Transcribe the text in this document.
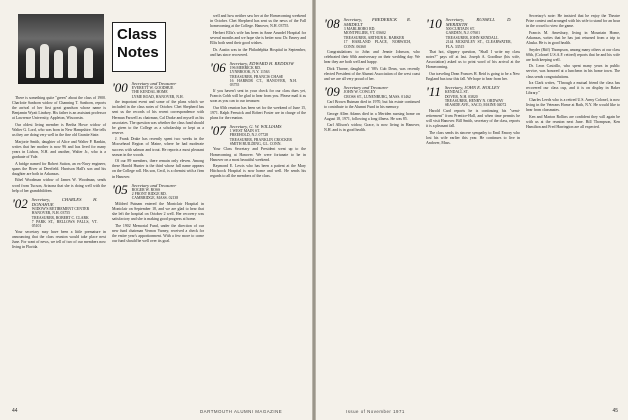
Class
Notes

There is something quite "green" about the class of 1900. Charlotte Sanborn widow of Channing T. Sanborn, reports the arrival of her first great grandson whose name is Benjamin Wyatt Lindsey. His father is an assistant professor at Lawrence University, Appleton, Wisconsin.

Our oldest living member is Bertha Howe widow of Walter G. Lord, who was born in New Hampshire. She tells us they are doing very well in the fine old Granite State.

Marjorie Smith, daughter of Alice and Walter P. Rankin, writes that her mother is now 96 and has lived for many years in Lisbon, N.H. and another, Walter Jr., who is a graduate of Yale.

A bridge named for Robert Sutton, an ex-Navy engineer, spans the River at Deerfield. Harrison Hall's son and his daughter are both in Arkansas.

Ethel Woodman widow of James W. Woodman, sends word from Tucson, Arizona that she is doing well with the help of her grandchildren.

'02 Secretary, CHARLES H. DONAHUE
WIDOW'S RETIREMENT CENTER
HANOVER, N.H. 03755
TREASURER, ROBERT C. CLARK
7 PARK ST., BELLOWS FALLS, VT. 05101

Your secretary may have been a little premature in announcing that the class reunion would take place next June. For want of news, we tell of two of our members now living in Florida.

'00 Secretary and Treasurer
EVERETT W. GOODHUE
THE KENDAL HOME
LYME ROAD, HANOVER, N.H.

the important event and some of the plans which we included in the class notes of October. Chet Shepherd has sent us the records of his recent correspondence with Herman Farwell as chairman, Cal Drake and myself as his associates. The question was whether the class fund should be given to the College as a scholarship or kept as a reserve.

J. Frank Drake has recently spent two weeks in the Moosehead Region of Maine, where he had moderate success with salmon and trout. He reports a most pleasant season in the woods.

Of our 89 members, there remain only eleven. Among these Harold Hunter is the third whose full name appears on the College roll. His son, Cecil, is a chemist with a firm in Hanover.

'05 Secretary and Treasurer
ROGER W. ROSS
2 FRONT RIDGE RD.
CAMBRIDGE, MASS. 02138

Mildred Putnam entered the Montclair Hospital in Montclair on September 18, and we are glad to hear that she left the hospital on October 2 well. Her recovery was satisfactory and she is making good progress at home.

The 1902 Memorial Fund, under the direction of our new fund chairman Vernon Varney, received a check for the entire year's apportionment. With a few more to come our fund should be well over its goal.

well and how neither saw her at the Homecoming weekend in October. Chet Shepherd has sent us the news of the Fall homecoming at the College. Hanover, N.H. 03755.

Herbert Ellis's wife has been in Anne Arundel Hospital for several months and we hope she is better now. Dr. Emery and Ellis both send their good wishes.

Dr. Austin was in the Philadelphia Hospital in September, and has since recovered.

'06 Secretary, EDWARD H. REDDOW
196 MERRICK RD.
LYNBROOK, N.Y. 11563
TREASURER, FRANCIS CHASE
16 HARBOR CT., HANOVER, N.H. 03755

If you haven't sent in your check for our class dues yet, Francis Cobb will be glad to hear from you. Please mail it as soon as you can to our treasurer.

Our 65th reunion has been set for the weekend of June 15, 1971. Ralph Fenwick and Robert Foster are in charge of the plans for the reunion.

'07 Secretary, G. W. WILLIAMS
1 WEST MAIN ST.
FREEHOLD, N.J. 07728
TREASURER, FRANKLIN CROCKER
SMITH BUILDING, GL. CONN.

Your Class Secretary and President went up to the Homecoming at Hanover. We were fortunate to be in Hanover on a most beautiful weekend.

Raymond E. Lewis who has been a patient at the Mary Hitchcock Hospital is now home and well. He sends his regards to all the members of the class.

44	DARTMOUTH ALUMNI MAGAZINE
'08 Secretary, FREDERICK R. SMIDELT
3 MARLBORO RD.
MONTPELIER, VT. 05602
TREASURER, ARTHUR K. BARKER
17 HARLAND PLACE, NORWICH, CONN. 06360

Congratulations to John and Jennie Johnson, who celebrated their 60th anniversary on their wedding day. We hear they are both well and happy.

Dick Thorne, daughter of '08's Cub Dean, was recently elected President of the Alumni Association of the west coast and we are all very proud of her.

'09 Secretary and Treasurer
JOHN W. COWLEY
CROSS ST., LUNENBURG, MASS. 01462

Carl Brown Butman died in 1970, but his estate continued to contribute to the Alumni Fund in his memory.

George Allen Adams died in a Meriden nursing home on August 18, 1971, following a long illness. He was 85.

Carl Allison's widow, Grace, is now living in Hanover, N.H. and is in good health.

'10 Secretary, RUSSELL D. MERIDITH
500 CURTAIN ST.
GARDEN, N.J. 07601
TREASURER, JOHN KENDALL
2144 MCKINLEY ST., CLEARWATER, FLA. 33515

That hot, slippery question, "Shall I write my class notes?" pays off at last. Joseph A. Goodhue (his wife, Association) asked us to print word of his arrival at the Homecoming.

Our traveling Dean Frances H. Reid is going to be a New England bus tour this fall. We hope to hear from her.

'11 Secretary, JOHN E. HOLLEY
KENDALL ST.
DOVER, N.H. 03820
TREASURER, HENRY N. ORDWAY
SEASIDE AVE., SACO, MAINE 04072

Harold Card reports he is continuing his "semi-retirement" from Prentice-Hall, and when time permits he will visit Hanover. Bill Smith, secretary of the class, reports it is a pleasant fall.

The class sends its sincere sympathy to Emil Emory who lost his wife earlier this year. He continues to live in Andover, Mass.

Secretary's note: He insisted that he enjoy the Theatre Prize contest and arranged with his wife to stand for an hour in the crowd to view the game.

Francis M. Amesbury, living in Mountain Home, Arkansas, writes that he has just returned from a trip to Alaska. He is in good health.

Snyder (Biff) Thompson, among many others at our class 60th, (Colonel U.S.A.F. retired) reports that he and his wife are both keeping well.

Dr. Leon Castrillo, who spent many years in public service, was honored at a luncheon in his home town. The class sends congratulations.

Ira Clark writes, "Through a mutual friend the class has recovered our class cup, and it is on display in Baker Library."

Charles Leeds who is a retired U.S. Army Colonel, is now living in the Veterans Home at Bath, N.Y. He would like to hear from classmates.

Ken and Marion Rollins are confident they will again be with us at the reunion next June. Bill Thompson, Ken Hamilton and Fred Harrington are all expected.

Issue of November 1971	45
